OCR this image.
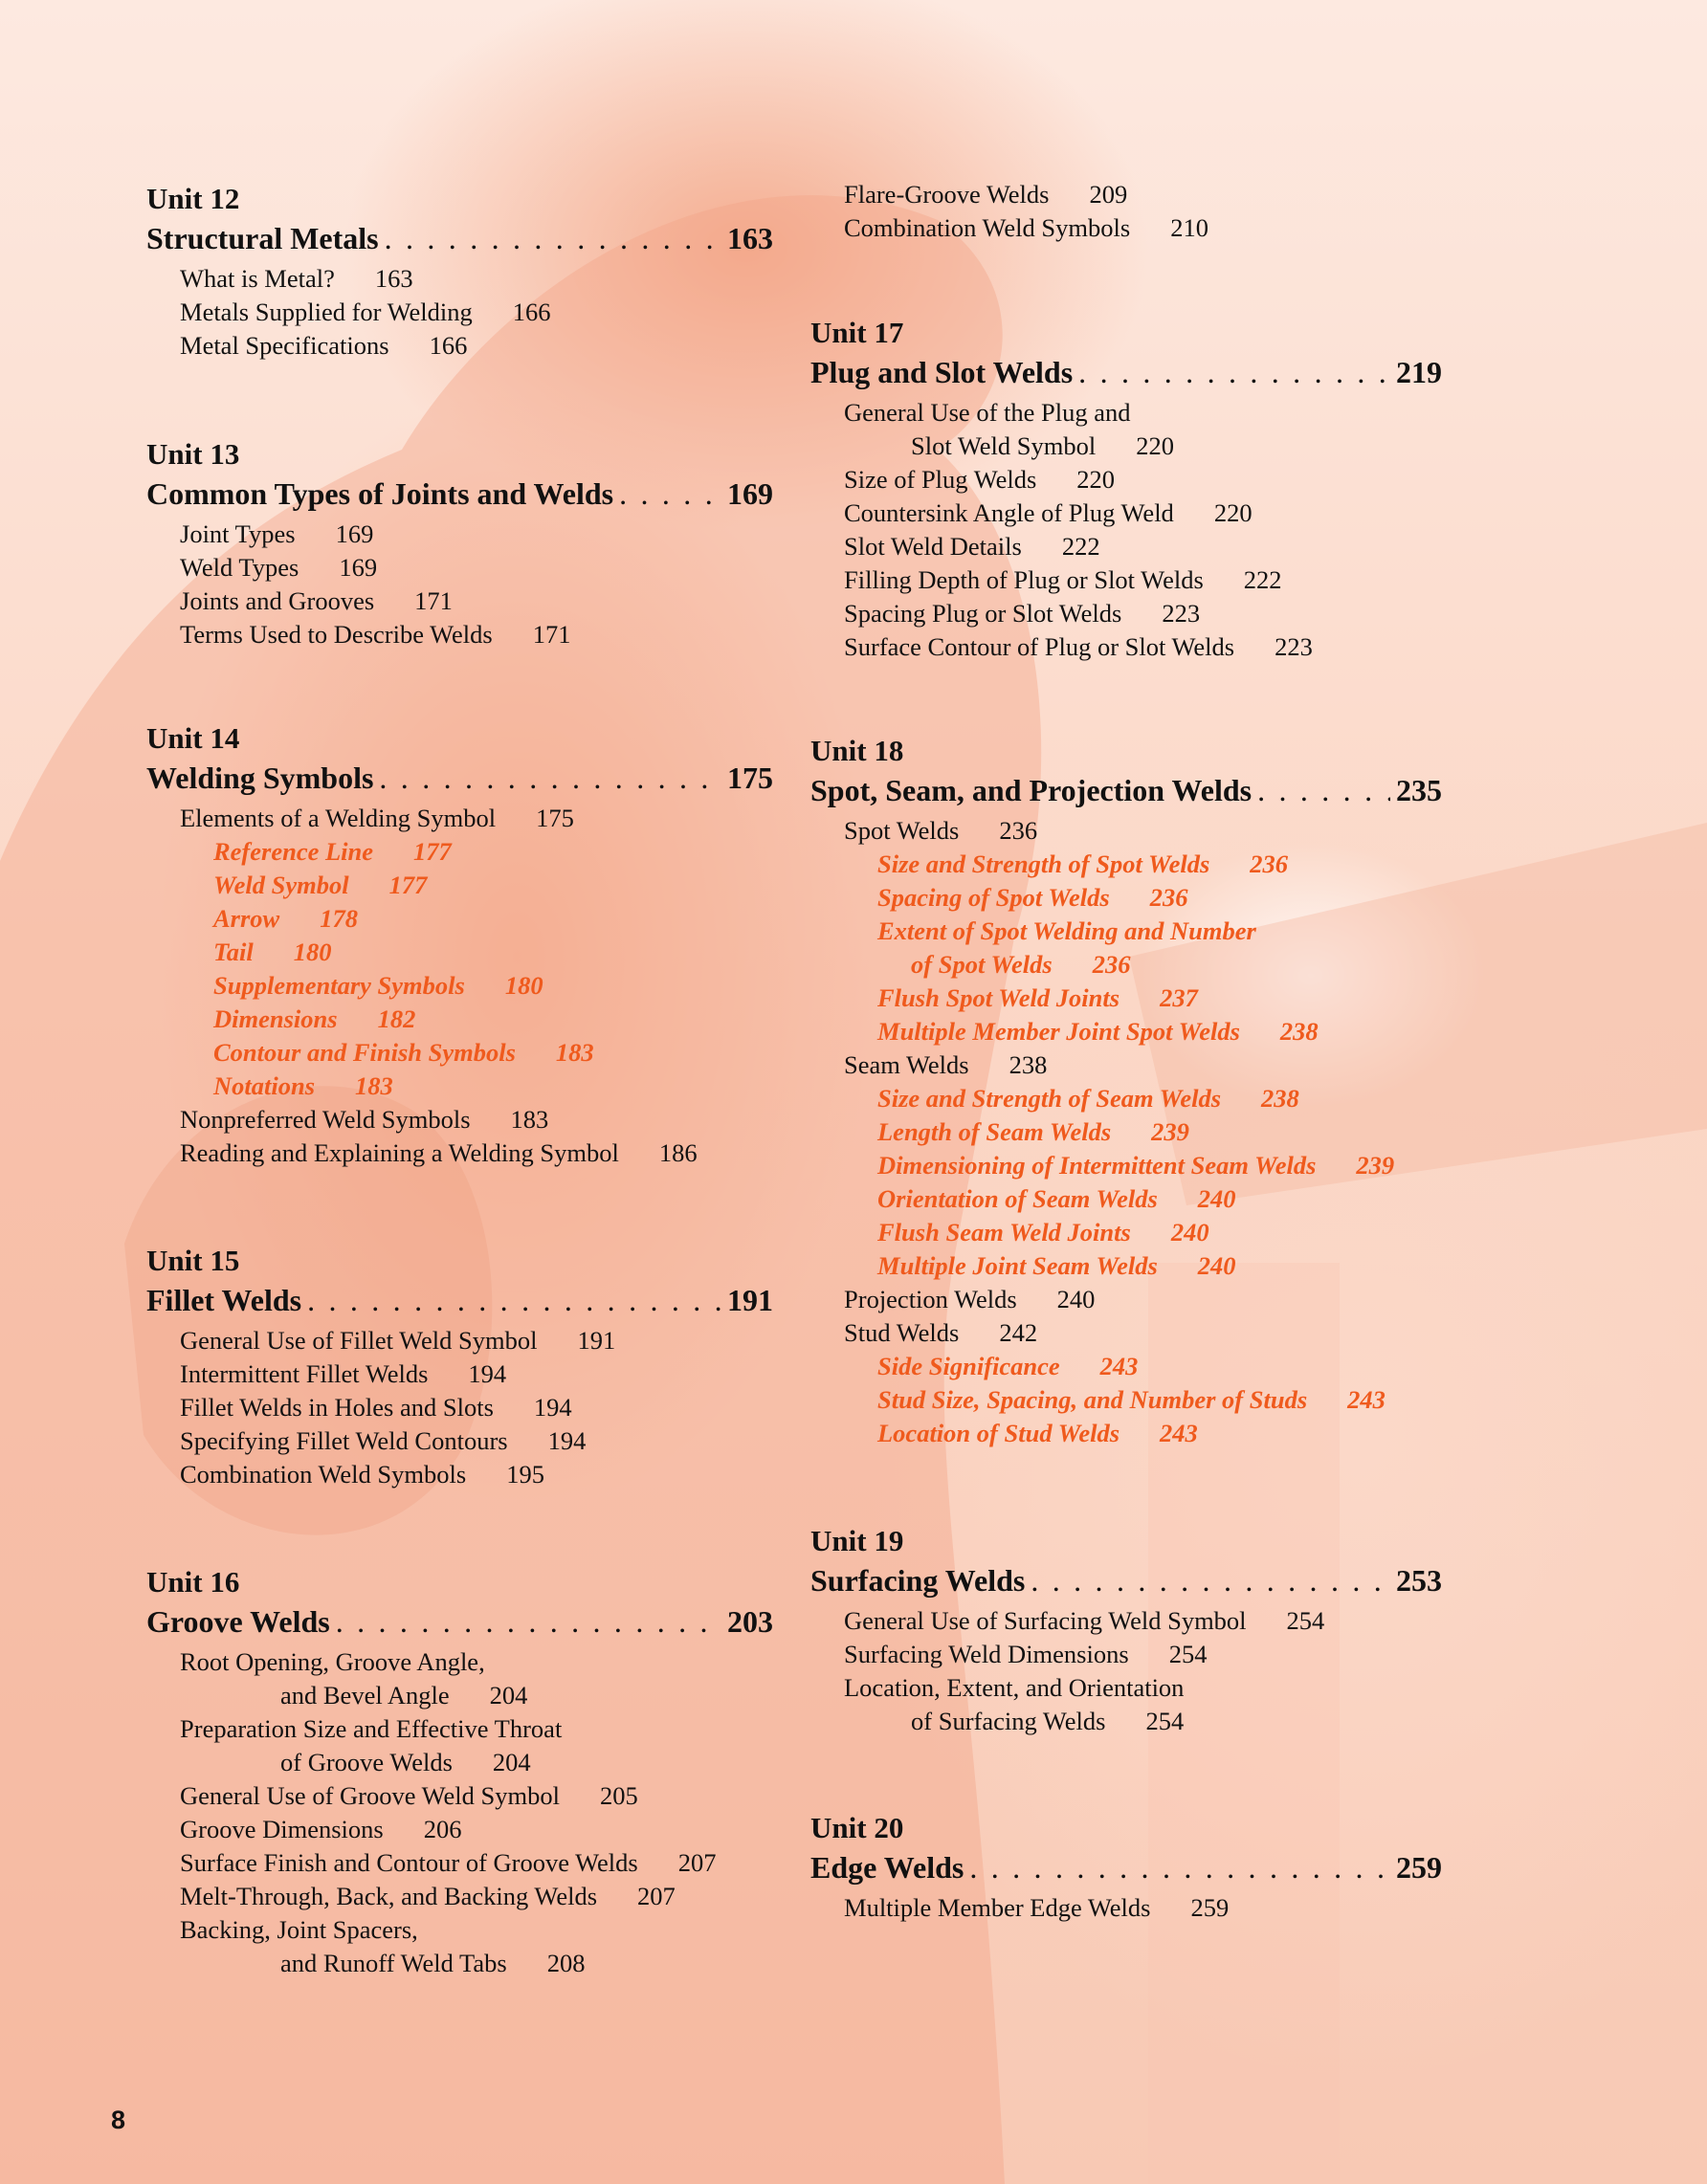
Unit 12
Structural Metals . . .	163
What is Metal? 163
Metals Supplied for Welding 166
Metal Specifications 166
Unit 13
Common Types of Joints and Welds . . .	169
Joint Types 169
Weld Types 169
Joints and Grooves 171
Terms Used to Describe Welds 171
Unit 14
Welding Symbols . . .	175
Elements of a Welding Symbol 175
Reference Line 177
Weld Symbol 177
Arrow 178
Tail 180
Supplementary Symbols 180
Dimensions 182
Contour and Finish Symbols 183
Notations 183
Nonpreferred Weld Symbols 183
Reading and Explaining a Welding Symbol 186
Unit 15
Fillet Welds . . .	191
General Use of Fillet Weld Symbol 191
Intermittent Fillet Welds 194
Fillet Welds in Holes and Slots 194
Specifying Fillet Weld Contours 194
Combination Weld Symbols 195
Unit 16
Groove Welds . . .	203
Root Opening, Groove Angle,
and Bevel Angle 204
Preparation Size and Effective Throat
of Groove Welds 204
General Use of Groove Weld Symbol 205
Groove Dimensions 206
Surface Finish and Contour of Groove Welds 207
Melt-Through, Back, and Backing Welds 207
Backing, Joint Spacers,
and Runoff Weld Tabs 208
Flare-Groove Welds 209
Combination Weld Symbols 210
Unit 17
Plug and Slot Welds . . .	219
General Use of the Plug and
Slot Weld Symbol 220
Size of Plug Welds 220
Countersink Angle of Plug Weld 220
Slot Weld Details 222
Filling Depth of Plug or Slot Welds 222
Spacing Plug or Slot Welds 223
Surface Contour of Plug or Slot Welds 223
Unit 18
Spot, Seam, and Projection Welds . . .	235
Spot Welds 236
Size and Strength of Spot Welds 236
Spacing of Spot Welds 236
Extent of Spot Welding and Number
of Spot Welds 236
Flush Spot Weld Joints 237
Multiple Member Joint Spot Welds 238
Seam Welds 238
Size and Strength of Seam Welds 238
Length of Seam Welds 239
Dimensioning of Intermittent Seam Welds 239
Orientation of Seam Welds 240
Flush Seam Weld Joints 240
Multiple Joint Seam Welds 240
Projection Welds 240
Stud Welds 242
Side Significance 243
Stud Size, Spacing, and Number of Studs 243
Location of Stud Welds 243
Unit 19
Surfacing Welds . . .	253
General Use of Surfacing Weld Symbol 254
Surfacing Weld Dimensions 254
Location, Extent, and Orientation
of Surfacing Welds 254
Unit 20
Edge Welds . . .	259
Multiple Member Edge Welds 259
8
